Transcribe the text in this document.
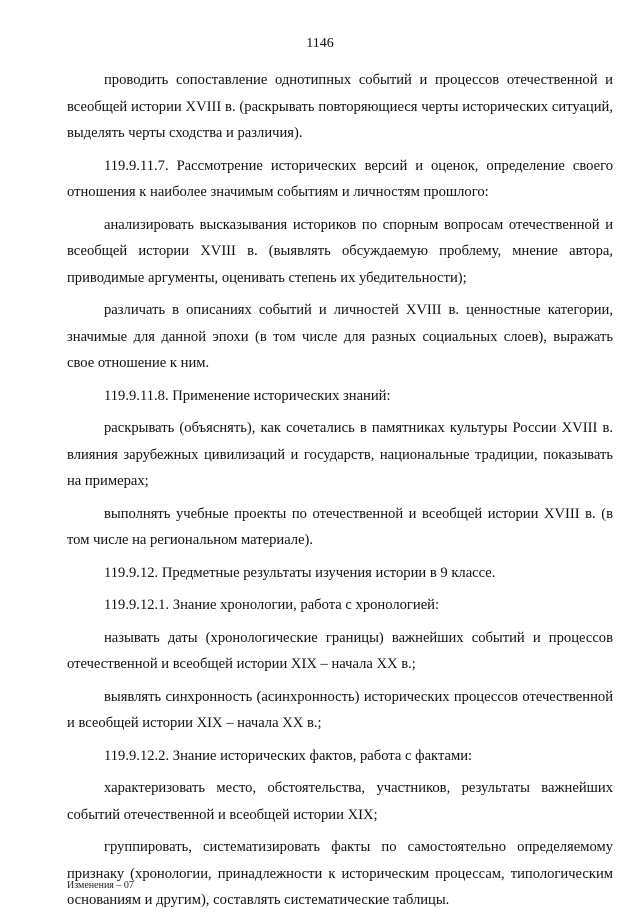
1146

проводить сопоставление однотипных событий и процессов отечественной и всеобщей истории XVIII в. (раскрывать повторяющиеся черты исторических ситуаций, выделять черты сходства и различия).

119.9.11.7. Рассмотрение исторических версий и оценок, определение своего отношения к наиболее значимым событиям и личностям прошлого:

анализировать высказывания историков по спорным вопросам отечественной и всеобщей истории XVIII в. (выявлять обсуждаемую проблему, мнение автора, приводимые аргументы, оценивать степень их убедительности);

различать в описаниях событий и личностей XVIII в. ценностные категории, значимые для данной эпохи (в том числе для разных социальных слоев), выражать свое отношение к ним.

119.9.11.8. Применение исторических знаний:

раскрывать (объяснять), как сочетались в памятниках культуры России XVIII в. влияния зарубежных цивилизаций и государств, национальные традиции, показывать на примерах;

выполнять учебные проекты по отечественной и всеобщей истории XVIII в. (в том числе на региональном материале).

119.9.12. Предметные результаты изучения истории в 9 классе.

119.9.12.1. Знание хронологии, работа с хронологией:

называть даты (хронологические границы) важнейших событий и процессов отечественной и всеобщей истории XIX – начала XX в.;

выявлять синхронность (асинхронность) исторических процессов отечественной и всеобщей истории XIX – начала XX в.;

119.9.12.2. Знание исторических фактов, работа с фактами:

характеризовать место, обстоятельства, участников, результаты важнейших событий отечественной и всеобщей истории XIX;

группировать, систематизировать факты по самостоятельно определяемому признаку (хронологии, принадлежности к историческим процессам, типологическим основаниям и другим), составлять систематические таблицы.

Изменения – 07
